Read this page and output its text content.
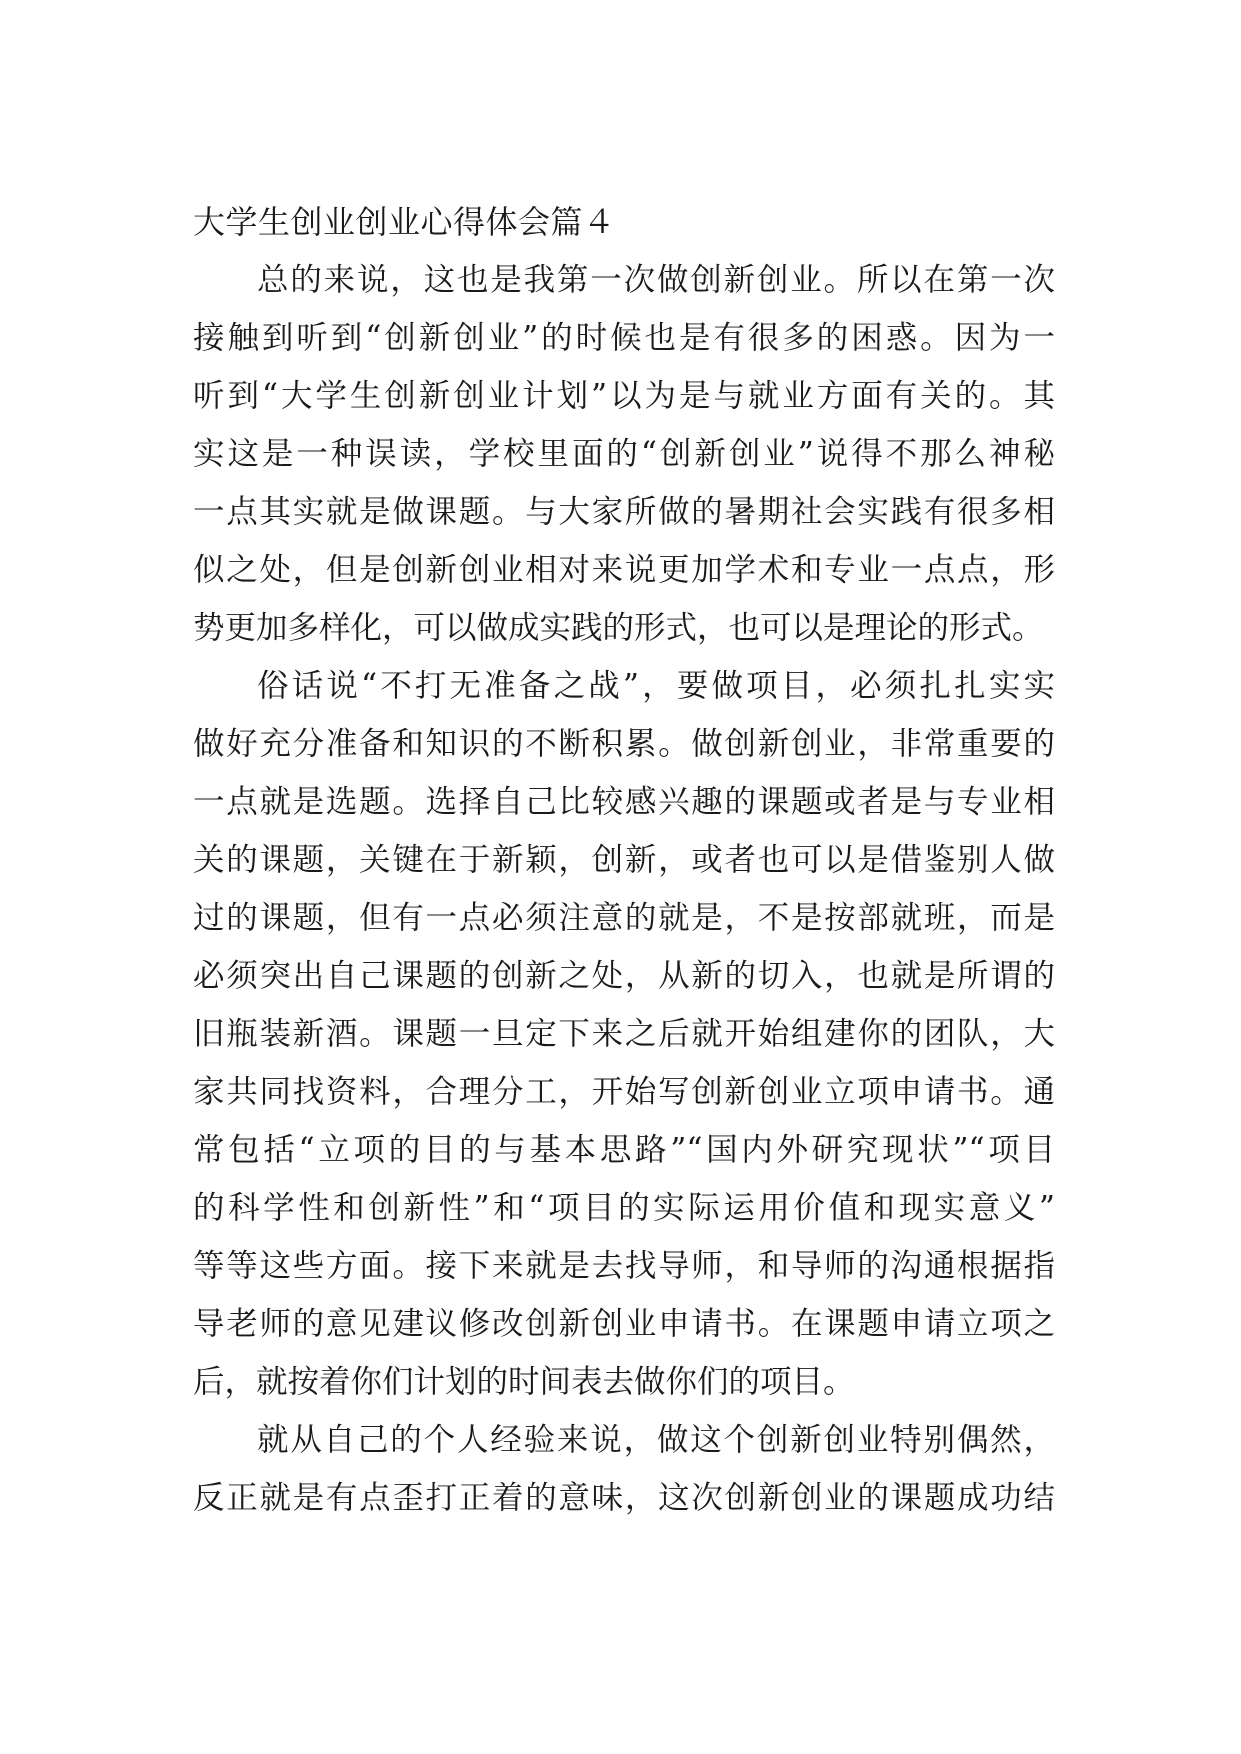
大学生创业创业心得体会篇４
总的来说，这也是我第一次做创新创业。所以在第一次
接触到听到“创新创业”的时候也是有很多的困惑。因为一
听到“大学生创新创业计划”以为是与就业方面有关的。其
实这是一种误读，学校里面的“创新创业”说得不那么神秘
一点其实就是做课题。与大家所做的暑期社会实践有很多相
似之处，但是创新创业相对来说更加学术和专业一点点，形
势更加多样化，可以做成实践的形式，也可以是理论的形式。
俗话说“不打无准备之战”，要做项目，必须扎扎实实
做好充分准备和知识的不断积累。做创新创业，非常重要的
一点就是选题。选择自己比较感兴趣的课题或者是与专业相
关的课题，关键在于新颖，创新，或者也可以是借鉴别人做
过的课题，但有一点必须注意的就是，不是按部就班，而是
必须突出自己课题的创新之处，从新的切入，也就是所谓的
旧瓶装新酒。课题一旦定下来之后就开始组建你的团队，大
家共同找资料，合理分工，开始写创新创业立项申请书。通
常包括“立项的目的与基本思路”“国内外研究现状”“项目
的科学性和创新性”和“项目的实际运用价值和现实意义”
等等这些方面。接下来就是去找导师，和导师的沟通根据指
导老师的意见建议修改创新创业申请书。在课题申请立项之
后，就按着你们计划的时间表去做你们的项目。
就从自己的个人经验来说，做这个创新创业特别偶然，
反正就是有点歪打正着的意味，这次创新创业的课题成功结
